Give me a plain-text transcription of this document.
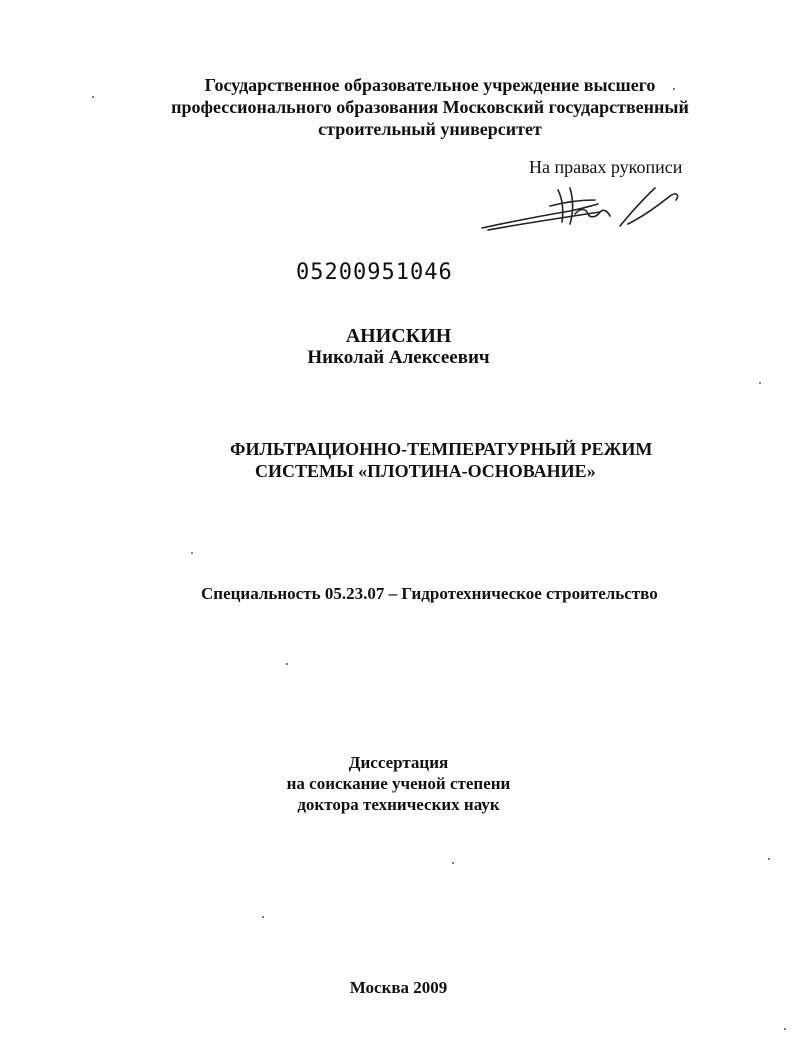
Государственное образовательное учреждение высшего
профессионального образования Московский государственный
строительный университет
На правах рукописи
05200951046
АНИСКИН
Николай Алексеевич
ФИЛЬТРАЦИОННО-ТЕМПЕРАТУРНЫЙ РЕЖИМ
СИСТЕМЫ «ПЛОТИНА-ОСНОВАНИЕ»
Специальность 05.23.07 – Гидротехническое строительство
Диссертация
на соискание ученой степени
доктора технических наук
Москва 2009
